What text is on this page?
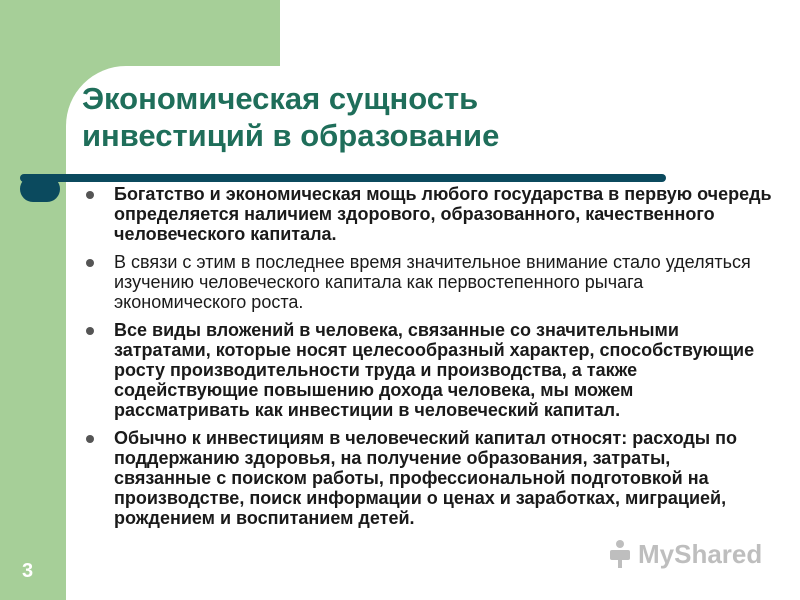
Экономическая сущность
инвестиций в образование
Богатство и экономическая мощь любого государства в первую очередь определяется наличием здорового, образованного, качественного человеческого капитала.
В связи с этим в последнее время значительное внимание стало уделяться изучению человеческого капитала как первостепенного рычага экономического роста.
Все виды вложений в человека, связанные со значительными затратами, которые носят целесообразный характер, способствующие росту производительности труда и производства, а также содействующие повышению дохода человека, мы можем рассматривать как инвестиции в человеческий капитал.
Обычно к инвестициям в человеческий капитал относят: расходы по поддержанию здоровья, на получение образования, затраты, связанные с поиском работы, профессиональной подготовкой на производстве, поиск информации о ценах и заработках, миграцией, рождением и воспитанием детей.
3
MyShared
